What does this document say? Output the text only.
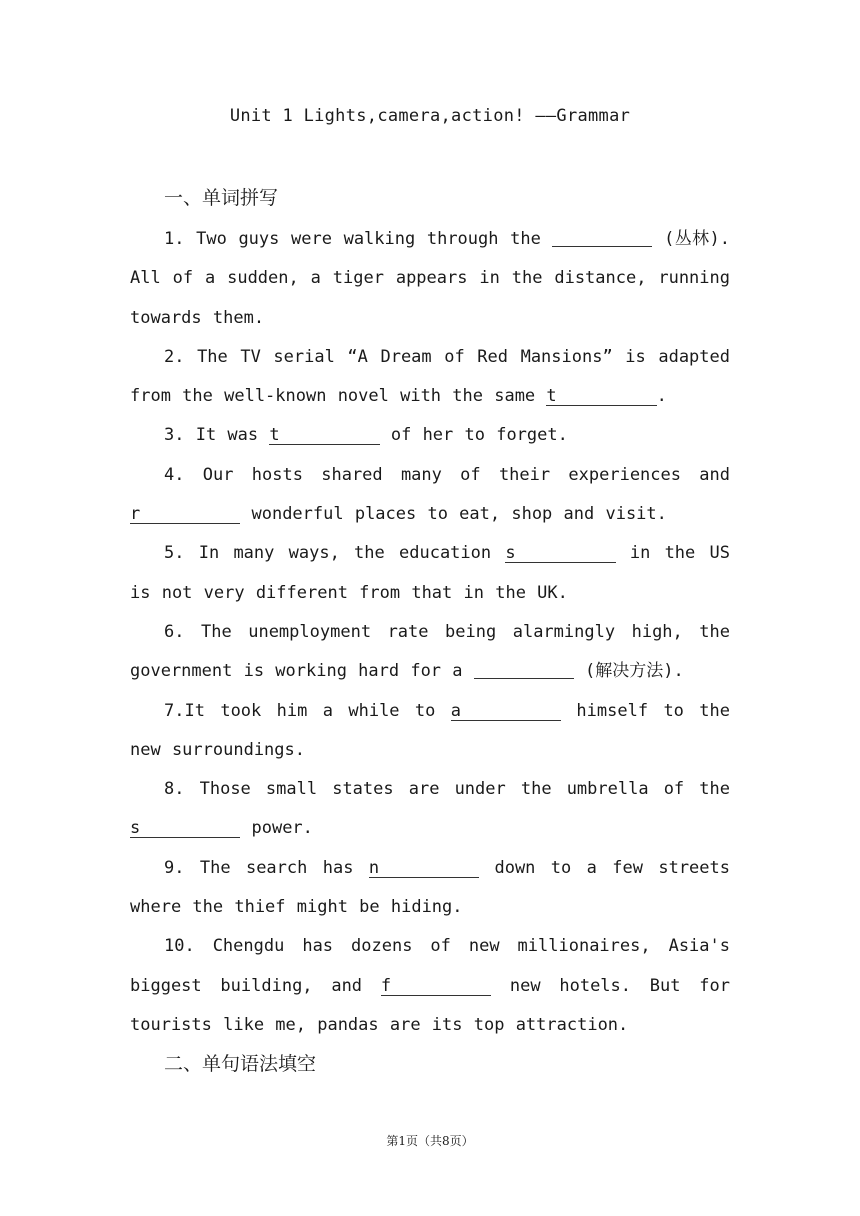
Unit 1 Lights,camera,action! ——Grammar
一、单词拼写

1. Two guys were walking through the	(丛林). All of a sudden, a tiger appears in the distance, running towards them.

2. The TV serial “A Dream of Red Mansions” is adapted from the well-known novel with the same t	.

3. It was t	of her to forget.

4. Our hosts shared many of their experiences and r	wonderful places to eat, shop and visit.

5. In many ways, the education s	in the US is not very different from that in the UK.

6. The unemployment rate being alarmingly high, the government is working hard for a	(解决方法).

7.It took him a while to a	himself to the new surroundings.

8. Those small states are under the umbrella of the s	power.

9. The search has n	down to a few streets where the thief might be hiding.

10. Chengdu has dozens of new millionaires, Asia's biggest building, and f	new hotels. But for tourists like me, pandas are its top attraction.

二、单句语法填空
第1页（共8页）
